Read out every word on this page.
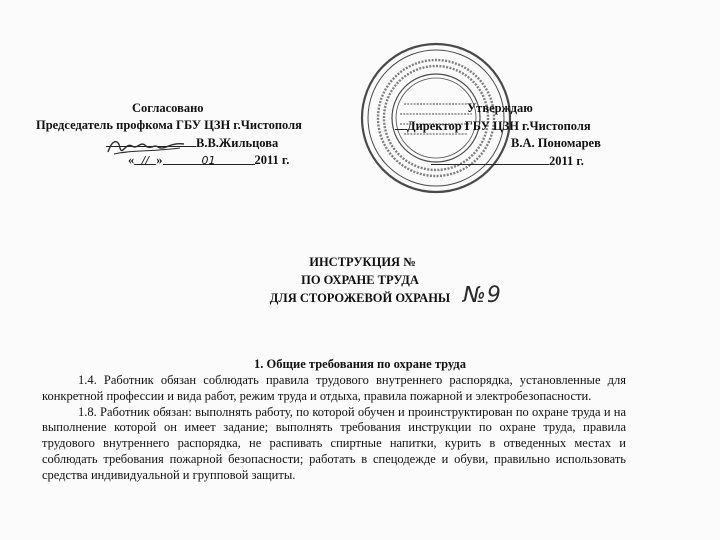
Согласовано
Председатель профкома ГБУ ЦЗН г.Чистополя
В.В.Жильцова
« // »	01	2011 г.
Утверждаю
Директор ГБУ ЦЗН г.Чистополя
В.А. Пономарев
2011 г.
ИНСТРУКЦИЯ №
ПО ОХРАНЕ ТРУДА
ДЛЯ СТОРОЖЕВОЙ ОХРАНЫ №9
1. Общие требования по охране труда

1.4. Работник обязан соблюдать правила трудового внутреннего распорядка, установленные для конкретной профессии и вида работ, режим труда и отдыха, правила пожарной и электробезопасности.

1.8. Работник обязан: выполнять работу, по которой обучен и проинструктирован по охране труда и на выполнение которой он имеет задание; выполнять требования инструкции по охране труда, правила трудового внутреннего распорядка, не распивать спиртные напитки, курить в отведенных местах и соблюдать требования пожарной безопасности; работать в спецодежде и обуви, правильно использовать средства индивидуальной и групповой защиты.
